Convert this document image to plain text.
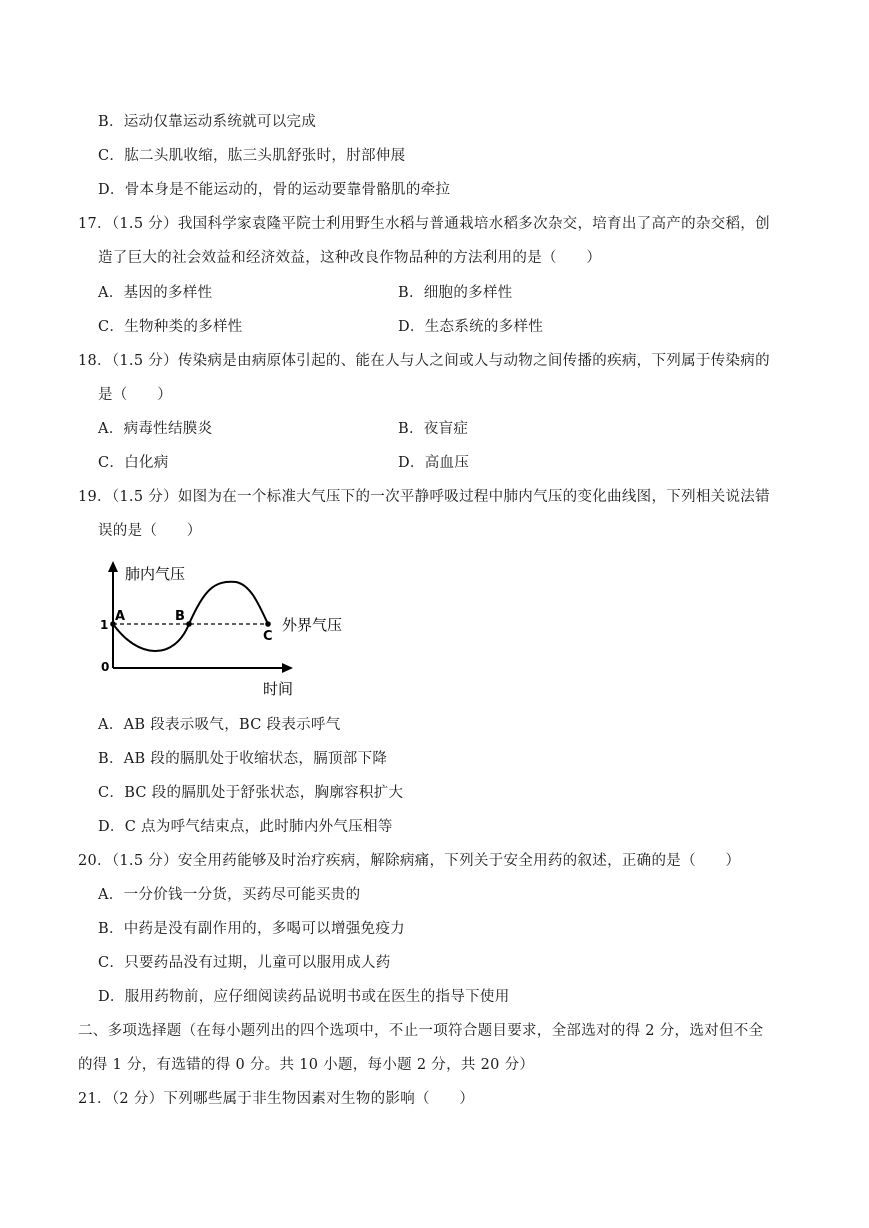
B．运动仅靠运动系统就可以完成
C．肱二头肌收缩，肱三头肌舒张时，肘部伸展
D．骨本身是不能运动的，骨的运动要靠骨骼肌的牵拉
17．（1.5 分）我国科学家袁隆平院士利用野生水稻与普通栽培水稻多次杂交，培育出了高产的杂交稻，创
造了巨大的社会效益和经济效益，这种改良作物品种的方法利用的是（　　）
A．基因的多样性	B．细胞的多样性
C．生物种类的多样性	D．生态系统的多样性
18．（1.5 分）传染病是由病原体引起的、能在人与人之间或人与动物之间传播的疾病，下列属于传染病的
是（　　）
A．病毒性结膜炎	B．夜盲症
C．白化病	D．高血压
19．（1.5 分）如图为在一个标准大气压下的一次平静呼吸过程中肺内气压的变化曲线图，下列相关说法错
误的是（　　）
肺内气压
时间
外界气压
1
0
A	B
C
A．AB 段表示吸气，BC 段表示呼气
B．AB 段的膈肌处于收缩状态，膈顶部下降
C．BC 段的膈肌处于舒张状态，胸廓容积扩大
D．C 点为呼气结束点，此时肺内外气压相等
20．（1.5 分）安全用药能够及时治疗疾病，解除病痛，下列关于安全用药的叙述，正确的是（　　）
A．一分价钱一分货，买药尽可能买贵的
B．中药是没有副作用的，多喝可以增强免疫力
C．只要药品没有过期，儿童可以服用成人药
D．服用药物前，应仔细阅读药品说明书或在医生的指导下使用
二、多项选择题（在每小题列出的四个选项中，不止一项符合题目要求，全部选对的得 2 分，选对但不全
的得 1 分，有选错的得 0 分。共 10 小题，每小题 2 分，共 20 分）
21．（2 分）下列哪些属于非生物因素对生物的影响（　　）
